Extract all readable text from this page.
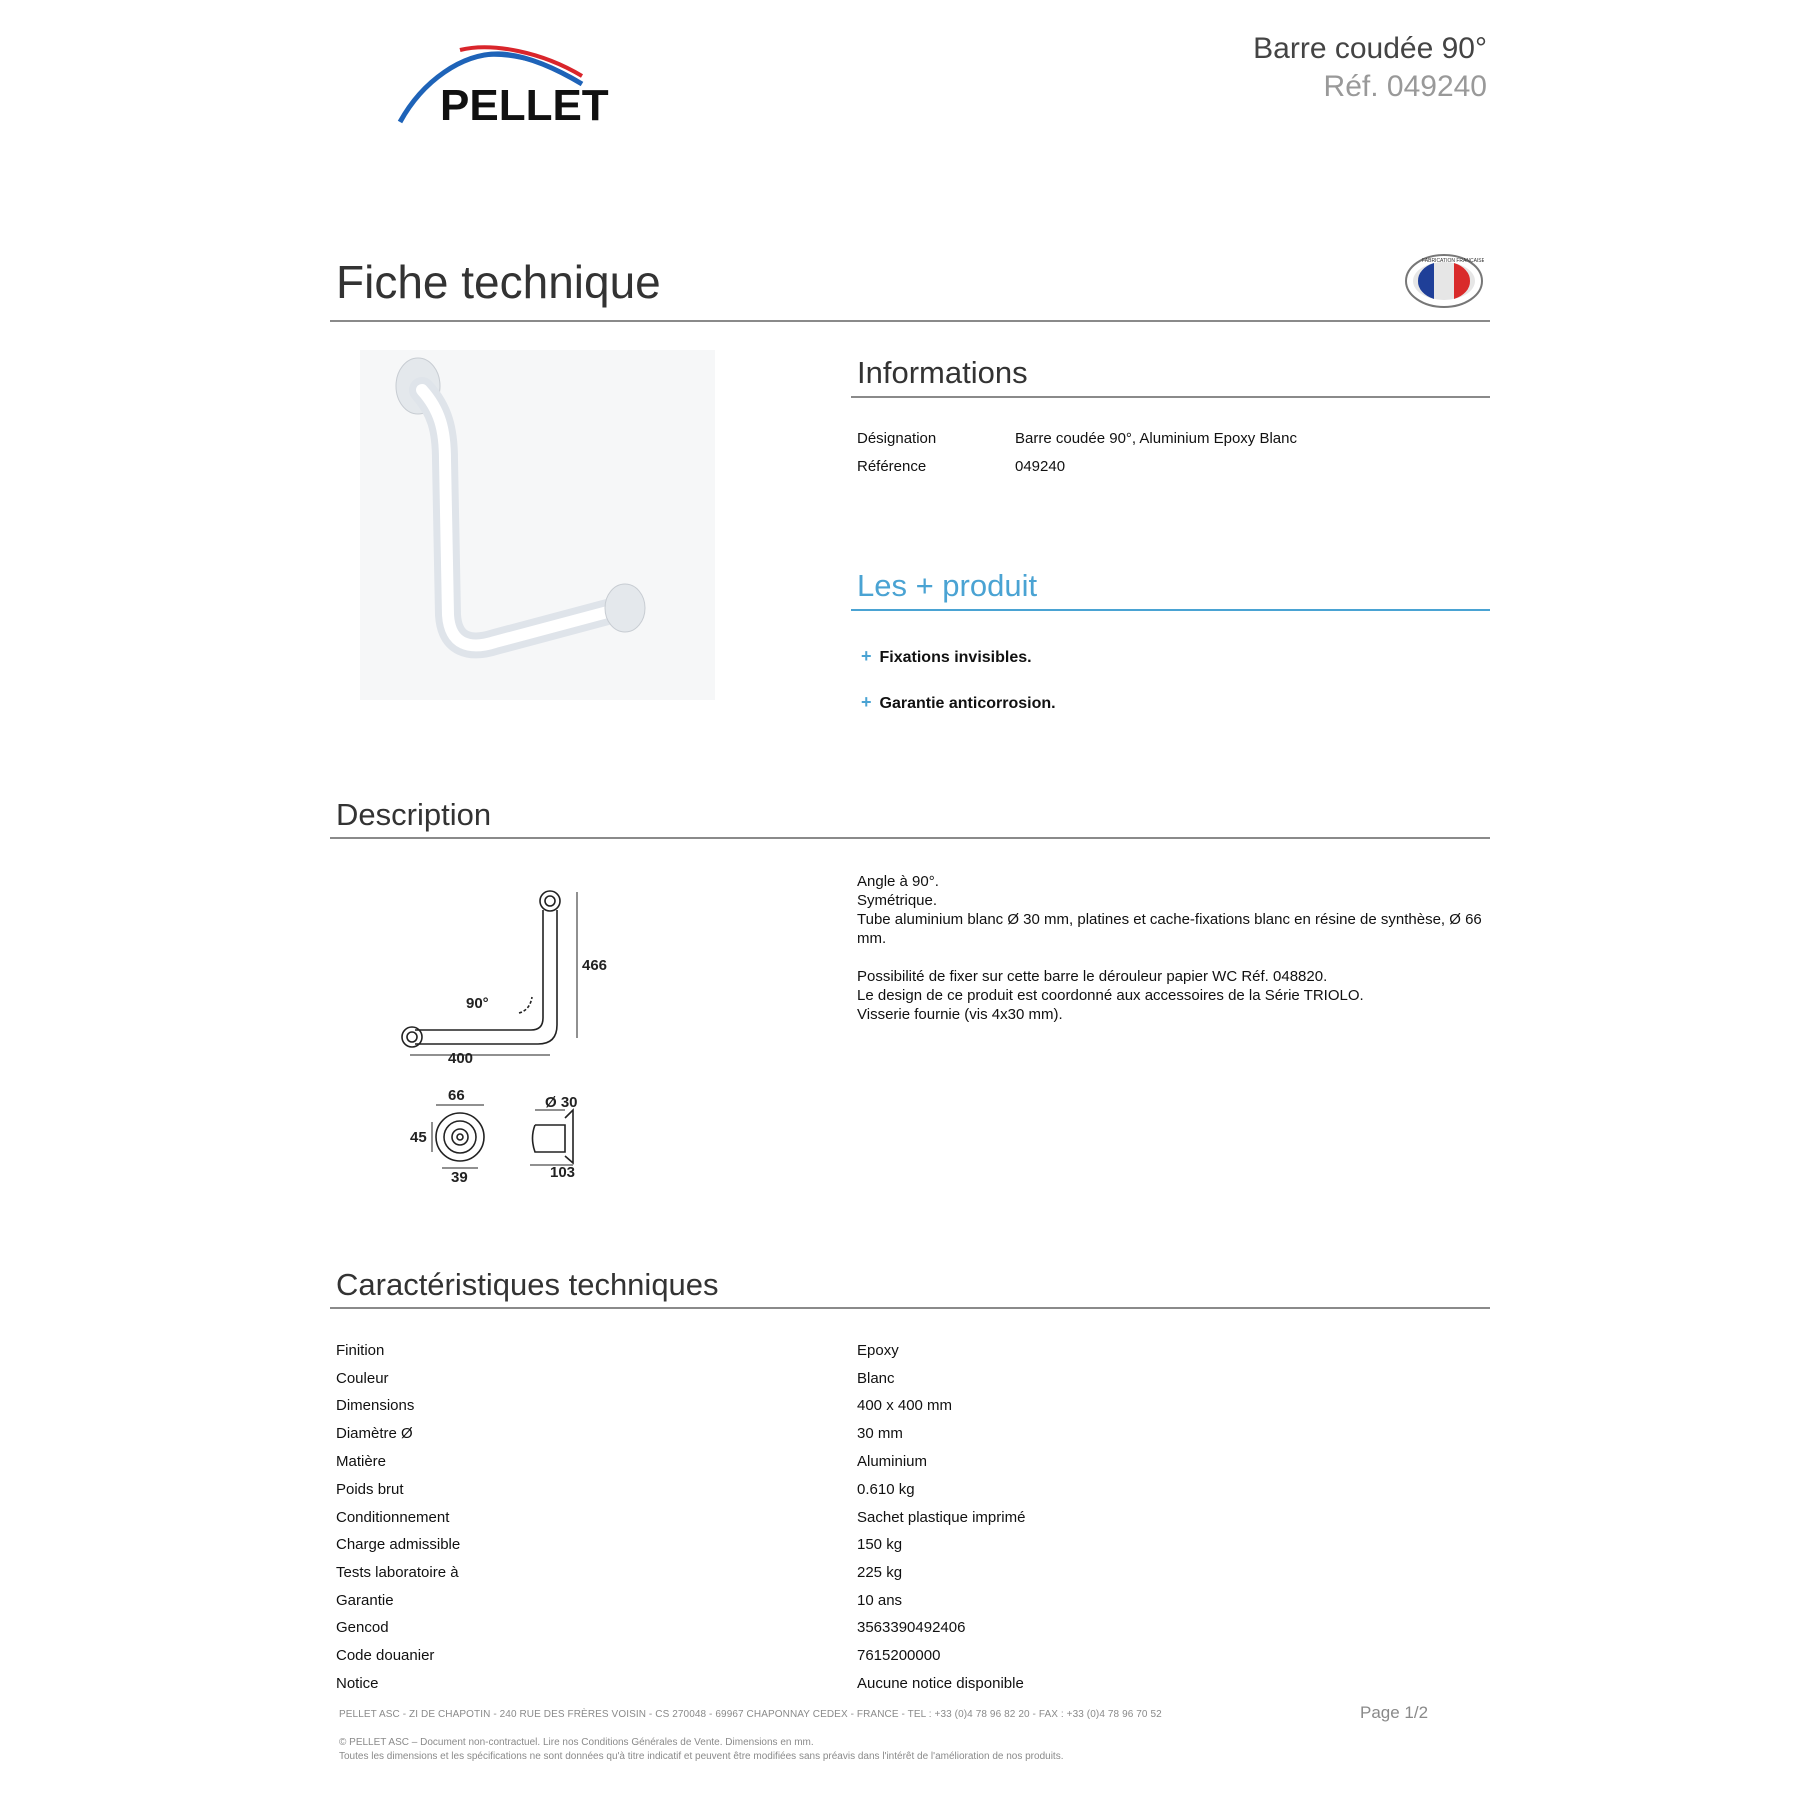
PELLET
Barre coudée 90°
Réf. 049240
Fiche technique	FABRICATION FRANÇAISE
Informations
Désignation	Barre coudée 90°, Aluminium Epoxy Blanc
Référence	049240
Les + produit
+ Fixations invisibles.
+ Garantie anticorrosion.
Description
466
90°
400
66
45
39
Ø 30
103

Angle à 90°.
Symétrique.
Tube aluminium blanc Ø 30 mm, platines et cache-fixations blanc en résine de synthèse, Ø 66 mm.

Possibilité de fixer sur cette barre le dérouleur papier WC Réf. 048820.
Le design de ce produit est coordonné aux accessoires de la Série TRIOLO.
Visserie fournie (vis 4x30 mm).

Caractéristiques techniques
Finition	Epoxy
Couleur	Blanc
Dimensions	400 x 400 mm
Diamètre Ø	30 mm
Matière	Aluminium
Poids brut	0.610 kg
Conditionnement	Sachet plastique imprimé
Charge admissible	150 kg
Tests laboratoire à	225 kg
Garantie	10 ans
Gencod	3563390492406
Code douanier	7615200000
Notice	Aucune notice disponible
PELLET ASC - ZI DE CHAPOTIN - 240 RUE DES FRÈRES VOISIN - CS 270048 - 69967 CHAPONNAY CEDEX - FRANCE - TEL : +33 (0)4 78 96 82 20 - FAX : +33 (0)4 78 96 70 52	Page 1/2
© PELLET ASC – Document non-contractuel. Lire nos Conditions Générales de Vente. Dimensions en mm.
Toutes les dimensions et les spécifications ne sont données qu'à titre indicatif et peuvent être modifiées sans préavis dans l'intérêt de l'amélioration de nos produits.
